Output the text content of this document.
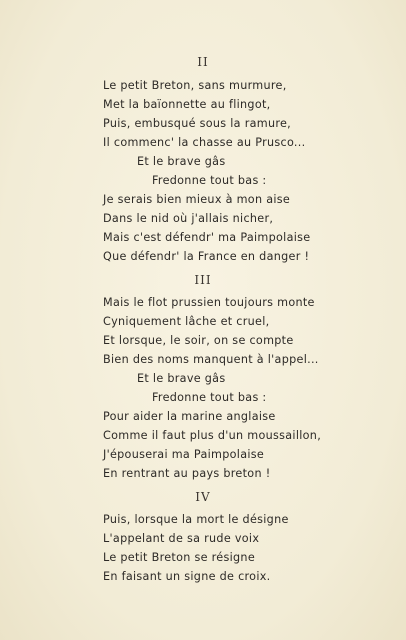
II
Le petit Breton, sans murmure,
Met la baïonnette au flingot,
Puis, embusqué sous la ramure,
Il commenc' la chasse au Prusco...
Et le brave gâs
Fredonne tout bas :
Je serais bien mieux à mon aise
Dans le nid où j'allais nicher,
Mais c'est défendr' ma Paimpolaise
Que défendr' la France en danger !
III
Mais le flot prussien toujours monte
Cyniquement lâche et cruel,
Et lorsque, le soir, on se compte
Bien des noms manquent à l'appel...
Et le brave gâs
Fredonne tout bas :
Pour aider la marine anglaise
Comme il faut plus d'un moussaillon,
J'épouserai ma Paimpolaise
En rentrant au pays breton !
IV
Puis, lorsque la mort le désigne
L'appelant de sa rude voix
Le petit Breton se résigne
En faisant un signe de croix.
